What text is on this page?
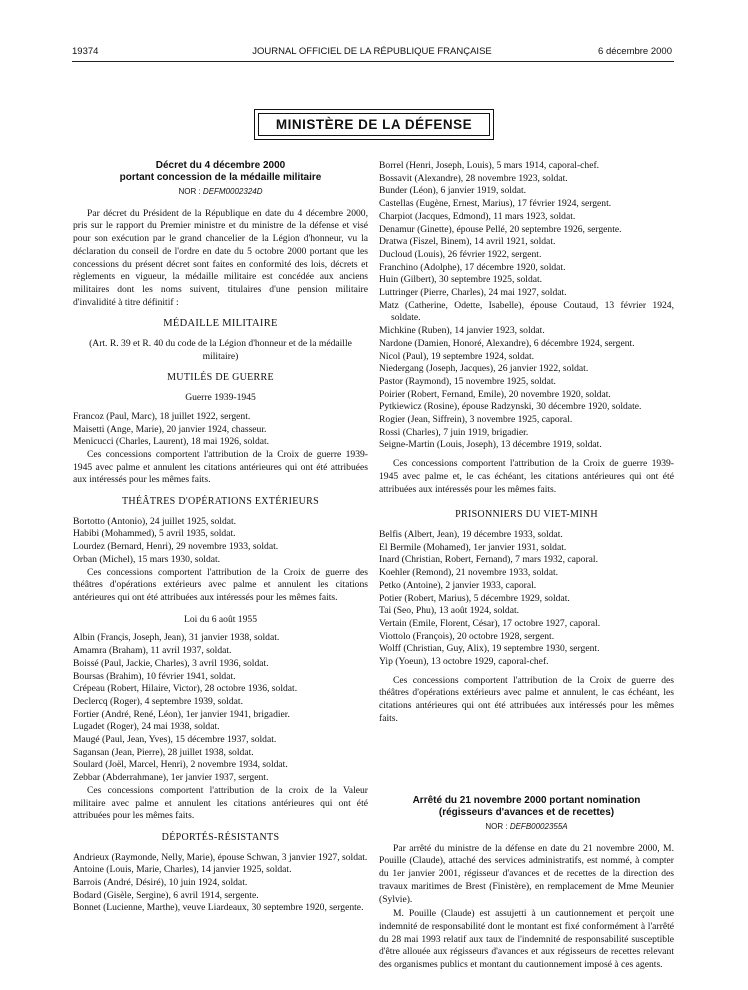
19374	JOURNAL OFFICIEL DE LA RÉPUBLIQUE FRANÇAISE	6 décembre 2000
MINISTÈRE DE LA DÉFENSE
Décret du 4 décembre 2000
portant concession de la médaille militaire
NOR : DEFM0002324D

Par décret du Président de la République en date du 4 décembre 2000, pris sur le rapport du Premier ministre et du ministre de la défense et visé pour son exécution par le grand chancelier de la Légion d'honneur, vu la déclaration du conseil de l'ordre en date du 5 octobre 2000 portant que les concessions du présent décret sont faites en conformité des lois, décrets et règlements en vigueur, la médaille militaire est concédée aux anciens militaires dont les noms suivent, titulaires d'une pension militaire d'invalidité à titre définitif :

MÉDAILLE MILITAIRE
(Art. R. 39 et R. 40 du code de la Légion d'honneur et de la médaille militaire)
MUTILÉS DE GUERRE
Guerre 1939-1945
Francoz (Paul, Marc), 18 juillet 1922, sergent.
Maisetti (Ange, Marie), 20 janvier 1924, chasseur.
Menicucci (Charles, Laurent), 18 mai 1926, soldat.

Ces concessions comportent l'attribution de la Croix de guerre 1939-1945 avec palme et annulent les citations antérieures qui ont été attribuées aux intéressés pour les mêmes faits.

THÉÂTRES D'OPÉRATIONS EXTÉRIEURS
Bortotto (Antonio), 24 juillet 1925, soldat.
Habibi (Mohammed), 5 avril 1935, soldat.
Lourdez (Bernard, Henri), 29 novembre 1933, soldat.
Orban (Michel), 15 mars 1930, soldat.

Ces concessions comportent l'attribution de la Croix de guerre des théâtres d'opérations extérieurs avec palme et annulent les citations antérieures qui ont été attribuées aux intéressés pour les mêmes faits.

Loi du 6 août 1955
Albin (Franςis, Joseph, Jean), 31 janvier 1938, soldat.
Amamra (Braham), 11 avril 1937, soldat.
Boissé (Paul, Jackie, Charles), 3 avril 1936, soldat.
Boursas (Brahim), 10 février 1941, soldat.
Crépeau (Robert, Hilaire, Victor), 28 octobre 1936, soldat.
Declercq (Roger), 4 septembre 1939, soldat.
Fortier (André, René, Léon), 1er janvier 1941, brigadier.
Lugadet (Roger), 24 mai 1938, soldat.
Maugé (Paul, Jean, Yves), 15 décembre 1937, soldat.
Sagansan (Jean, Pierre), 28 juillet 1938, soldat.
Soulard (Joël, Marcel, Henri), 2 novembre 1934, soldat.
Zebbar (Abderrahmane), 1er janvier 1937, sergent.

Ces concessions comportent l'attribution de la croix de la Valeur militaire avec palme et annulent les citations antérieures qui ont été attribuées pour les mêmes faits.

DÉPORTÉS-RÉSISTANTS
Andrieux (Raymonde, Nelly, Marie), épouse Schwan, 3 janvier 1927, soldat.
Antoine (Louis, Marie, Charles), 14 janvier 1925, soldat.
Barrois (André, Désiré), 10 juin 1924, soldat.
Bodard (Gisèle, Sergine), 6 avril 1914, sergente.
Bonnet (Lucienne, Marthe), veuve Liardeaux, 30 septembre 1920, sergente.
Borrel (Henri, Joseph, Louis), 5 mars 1914, caporal-chef.
Bossavit (Alexandre), 28 novembre 1923, soldat.
Bunder (Léon), 6 janvier 1919, soldat.
Castellas (Eugène, Ernest, Marius), 17 février 1924, sergent.
Charpiot (Jacques, Edmond), 11 mars 1923, soldat.
Denamur (Ginette), épouse Pellé, 20 septembre 1926, sergente.
Dratwa (Fiszel, Binem), 14 avril 1921, soldat.
Ducloud (Louis), 26 février 1922, sergent.
Franchino (Adolphe), 17 décembre 1920, soldat.
Huin (Gilbert), 30 septembre 1925, soldat.
Luttringer (Pierre, Charles), 24 mai 1927, soldat.
Matz (Catherine, Odette, Isabelle), épouse Coutaud, 13 février 1924, soldate.
Michkine (Ruben), 14 janvier 1923, soldat.
Nardone (Damien, Honoré, Alexandre), 6 décembre 1924, sergent.
Nicol (Paul), 19 septembre 1924, soldat.
Niedergang (Joseph, Jacques), 26 janvier 1922, soldat.
Pastor (Raymond), 15 novembre 1925, soldat.
Poirier (Robert, Fernand, Emile), 20 novembre 1920, soldat.
Pytkiewicz (Rosine), épouse Radzynski, 30 décembre 1920, soldate.
Rogier (Jean, Siffrein), 3 novembre 1925, caporal.
Rossi (Charles), 7 juin 1919, brigadier.
Seigne-Martin (Louis, Joseph), 13 décembre 1919, soldat.

Ces concessions comportent l'attribution de la Croix de guerre 1939-1945 avec palme et, le cas échéant, les citations antérieures qui ont été attribuées aux intéressés pour les mêmes faits.

PRISONNIERS DU VIET-MINH
Belfis (Albert, Jean), 19 décembre 1933, soldat.
El Bermile (Mohamed), 1er janvier 1931, soldat.
Inard (Christian, Robert, Fernand), 7 mars 1932, caporal.
Koehler (Remond), 21 novembre 1933, soldat.
Petko (Antoine), 2 janvier 1933, caporal.
Potier (Robert, Marius), 5 décembre 1929, soldat.
Tai (Seo, Phu), 13 août 1924, soldat.
Vertain (Emile, Florent, César), 17 octobre 1927, caporal.
Viottolo (François), 20 octobre 1928, sergent.
Wolff (Christian, Guy, Alix), 19 septembre 1930, sergent.
Yip (Yoeun), 13 octobre 1929, caporal-chef.

Ces concessions comportent l'attribution de la Croix de guerre des théâtres d'opérations extérieurs avec palme et annulent, le cas échéant, les citations antérieures qui ont été attribuées aux intéressés pour les mêmes faits.

Arrêté du 21 novembre 2000 portant nomination
(régisseurs d'avances et de recettes)
NOR : DEFB0002355A

Par arrêté du ministre de la défense en date du 21 novembre 2000, M. Pouille (Claude), attaché des services administratifs, est nommé, à compter du 1er janvier 2001, régisseur d'avances et de recettes de la direction des travaux maritimes de Brest (Finistère), en remplacement de Mme Meunier (Sylvie).

M. Pouille (Claude) est assujetti à un cautionnement et perçoit une indemnité de responsabilité dont le montant est fixé conformément à l'arrêté du 28 mai 1993 relatif aux taux de l'indemnité de responsabilité susceptible d'être allouée aux régisseurs d'avances et aux régisseurs de recettes relevant des organismes publics et montant du cautionnement imposé à ces agents.
